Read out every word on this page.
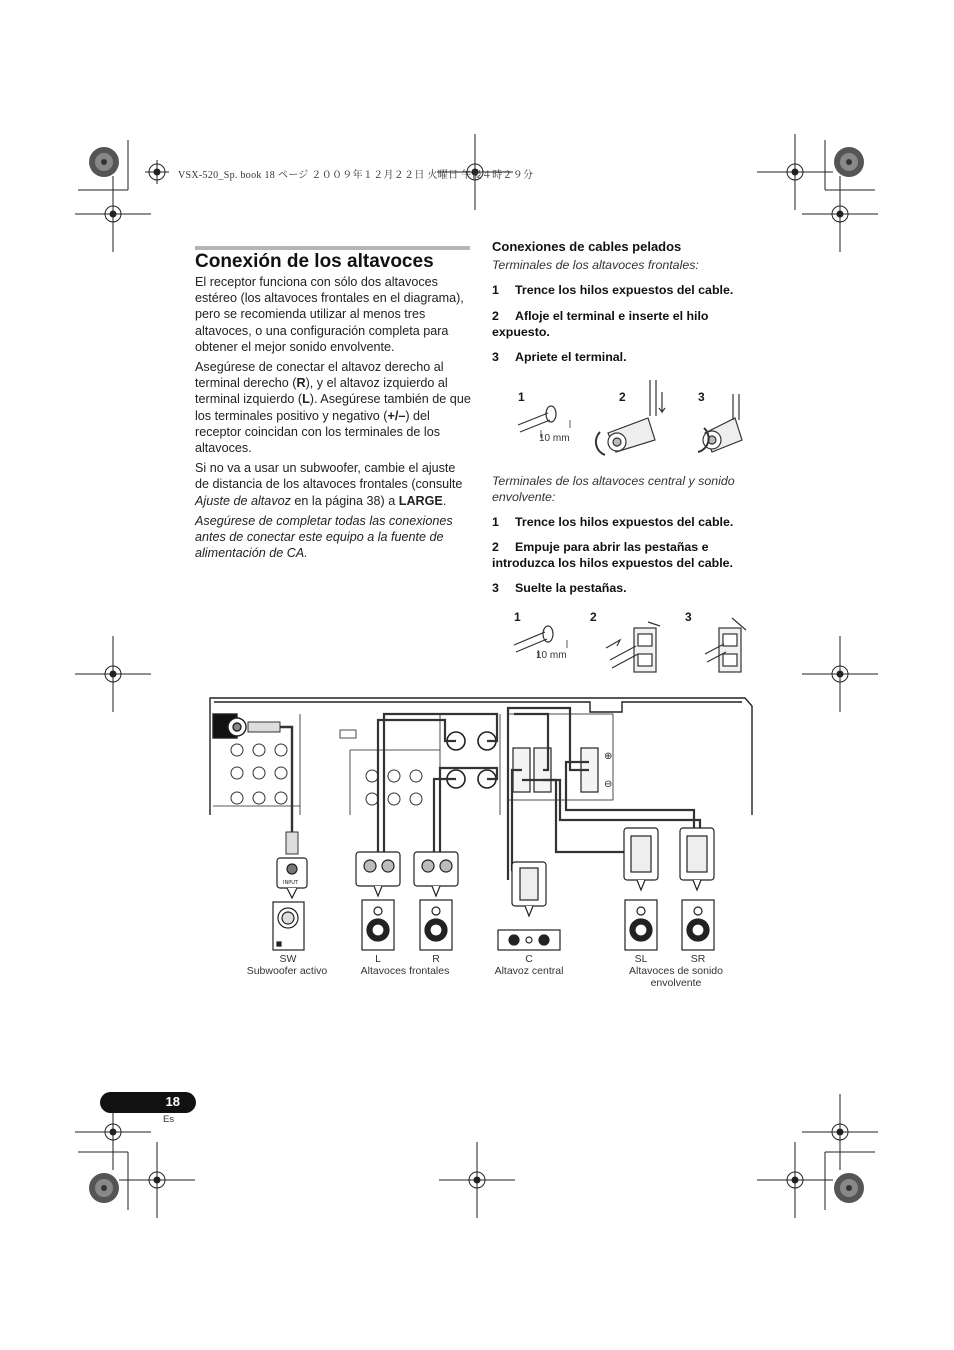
⊕
⊖
INPUT
VSX-520_Sp. book 18 ページ ２００９年１２月２２日 火曜日 午後４時２９分
Conexión de los altavoces

El receptor funciona con sólo dos altavoces estéreo (los altavoces frontales en el diagrama), pero se recomienda utilizar al menos tres altavoces, o una configuración completa para obtener el mejor sonido envolvente.

Asegúrese de conectar el altavoz derecho al terminal derecho (R), y el altavoz izquierdo al terminal izquierdo (L). Asegúrese también de que los terminales positivo y negativo (+/–) del receptor coincidan con los terminales de los altavoces.

Si no va a usar un subwoofer, cambie el ajuste de distancia de los altavoces frontales (consulte Ajuste de altavoz en la página 38) a LARGE.

Asegúrese de completar todas las conexiones antes de conectar este equipo a la fuente de alimentación de CA.

Conexiones de cables pelados
Terminales de los altavoces frontales:
1 Trence los hilos expuestos del cable.
2 Afloje el terminal e inserte el hilo expuesto.
3 Apriete el terminal.
1	2	3
10 mm
Terminales de los altavoces central y sonido envolvente:
1 Trence los hilos expuestos del cable.
2 Empuje para abrir las pestañas e introduzca los hilos expuestos del cable.
3 Suelte la pestañas.
1	2	3
10 mm
SW
Subwoofer activo
L	R
Altavoces frontales
C
Altavoz central
SL	SR
Altavoces de sonido envolvente
18
Es
